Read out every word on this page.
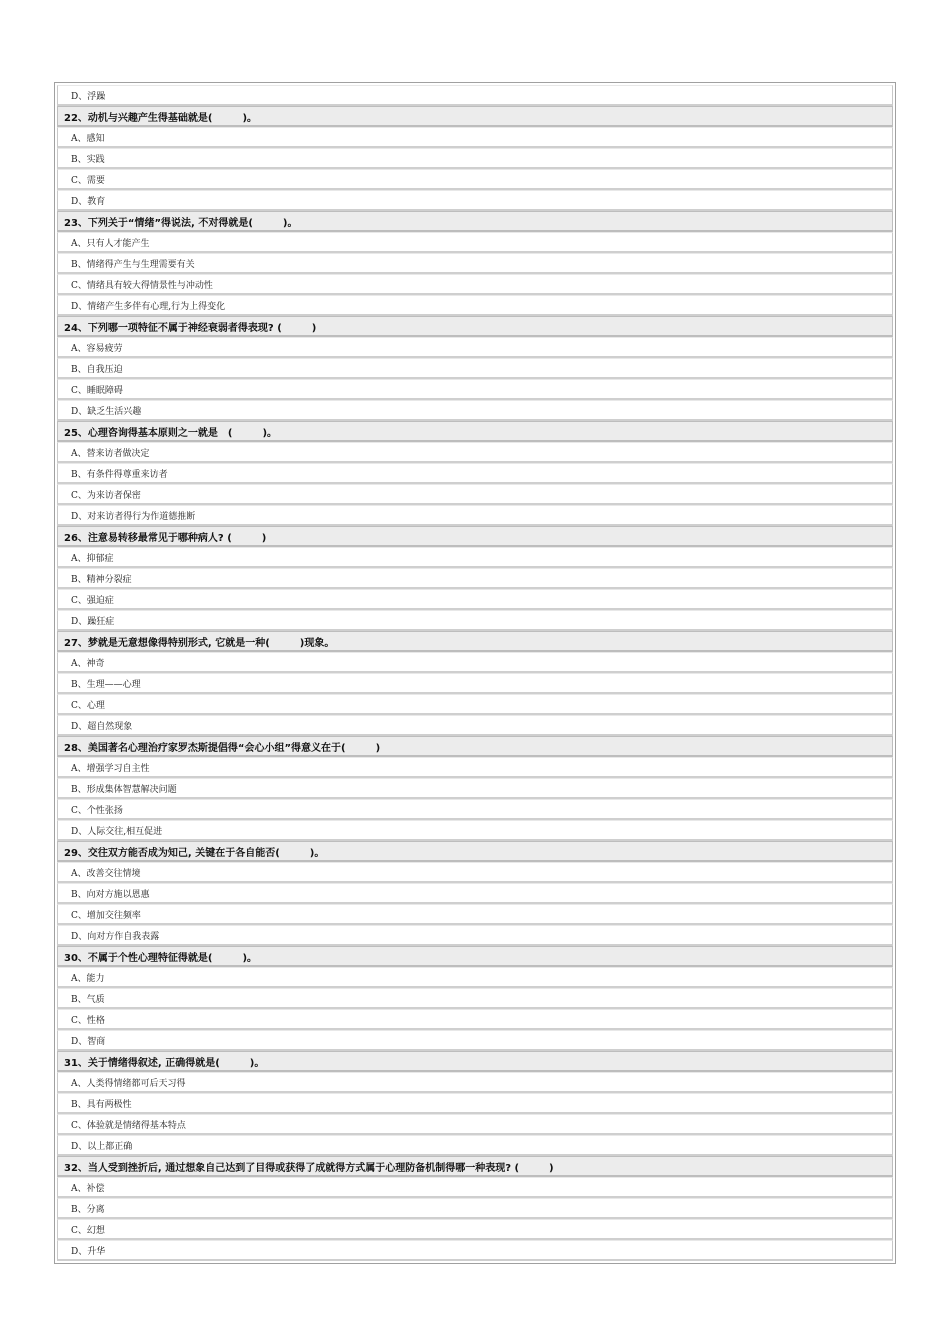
D、浮躁
22、动机与兴趣产生得基础就是(　　　)。
A、感知
B、实践
C、需要
D、教育
23、下列关于“情绪”得说法, 不对得就是(　　　)。
A、只有人才能产生
B、情绪得产生与生理需要有关
C、情绪具有较大得情景性与冲动性
D、情绪产生多伴有心理,行为上得变化
24、下列哪一项特征不属于神经衰弱者得表现? (　　　)
A、容易疲劳
B、自我压迫
C、睡眠障碍
D、缺乏生活兴趣
25、心理咨询得基本原则之一就是　(　　　)。
A、替来访者做决定
B、有条件得尊重来访者
C、为来访者保密
D、对来访者得行为作道德推断
26、注意易转移最常见于哪种病人? (　　　)
A、抑郁症
B、精神分裂症
C、强迫症
D、躁狂症
27、梦就是无意想像得特别形式, 它就是一种(　　　)现象。
A、神奇
B、生理——心理
C、心理
D、超自然现象
28、美国著名心理治疗家罗杰斯提倡得“会心小组”得意义在于(　　　)
A、增强学习自主性
B、形成集体智慧解决问题
C、个性张扬
D、人际交往,相互促进
29、交往双方能否成为知己, 关键在于各自能否(　　　)。
A、改善交往情境
B、向对方施以恩惠
C、增加交往频率
D、向对方作自我表露
30、不属于个性心理特征得就是(　　　)。
A、能力
B、气质
C、性格
D、智商
31、关于情绪得叙述, 正确得就是(　　　)。
A、人类得情绪都可后天习得
B、具有两极性
C、体验就是情绪得基本特点
D、以上都正确
32、当人受到挫折后, 通过想象自己达到了目得或获得了成就得方式属于心理防备机制得哪一种表现? (　　　)
A、补偿
B、分离
C、幻想
D、升华
